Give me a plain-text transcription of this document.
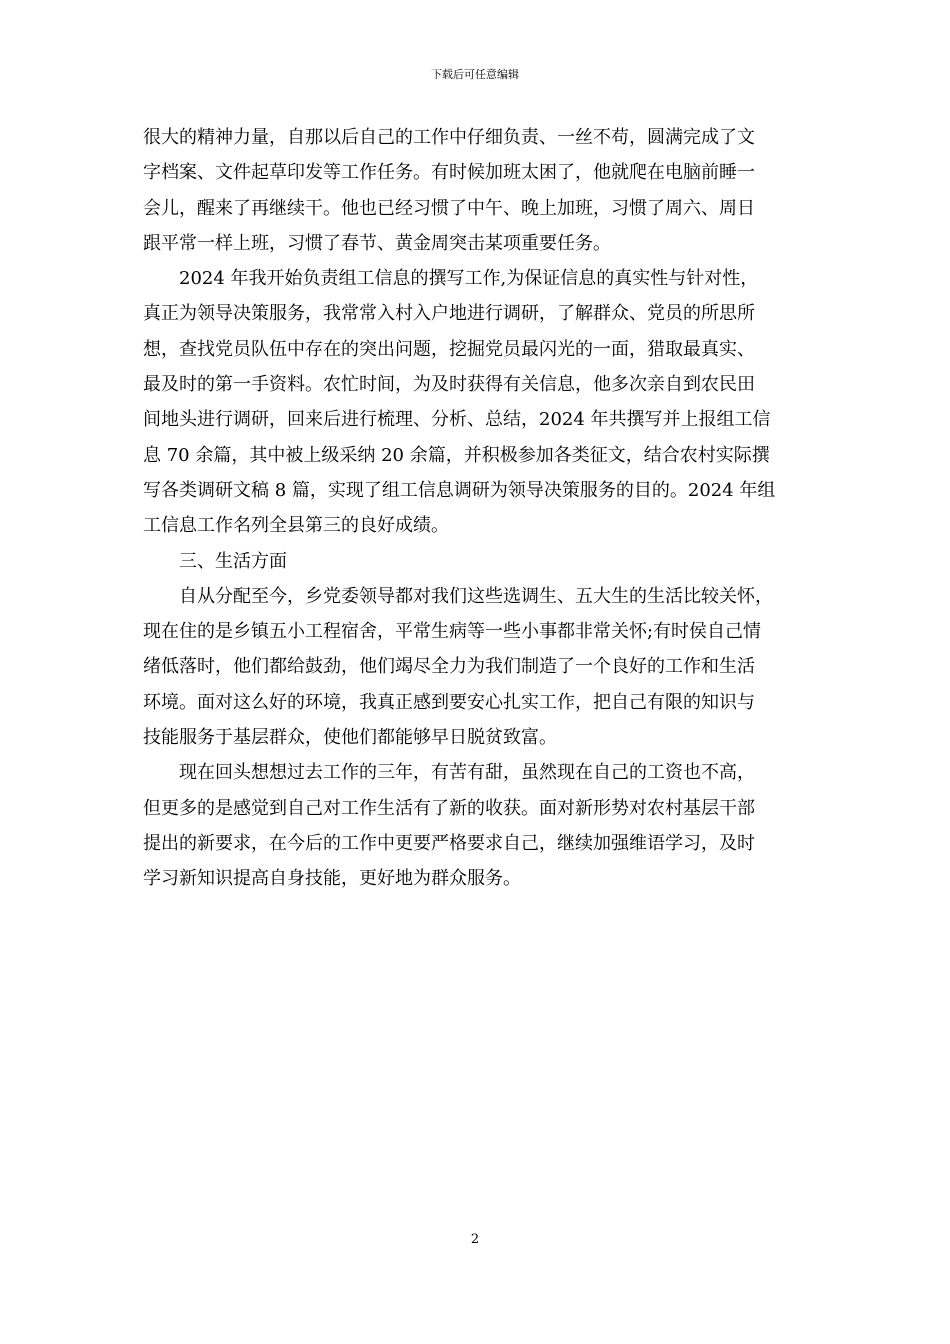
下载后可任意编辑

很大的精神力量，自那以后自己的工作中仔细负责、一丝不苟，圆满完成了文
字档案、文件起草印发等工作任务。有时候加班太困了，他就爬在电脑前睡一
会儿，醒来了再继续干。他也已经习惯了中午、晚上加班，习惯了周六、周日
跟平常一样上班，习惯了春节、黄金周突击某项重要任务。

2024 年我开始负责组工信息的撰写工作,为保证信息的真实性与针对性，
真正为领导决策服务，我常常入村入户地进行调研，了解群众、党员的所思所
想，查找党员队伍中存在的突出问题，挖掘党员最闪光的一面，猎取最真实、
最及时的第一手资料。农忙时间，为及时获得有关信息，他多次亲自到农民田
间地头进行调研，回来后进行梳理、分析、总结，2024 年共撰写并上报组工信
息 70 余篇，其中被上级采纳 20 余篇，并积极参加各类征文，结合农村实际撰
写各类调研文稿 8 篇，实现了组工信息调研为领导决策服务的目的。2024 年组
工信息工作名列全县第三的良好成绩。

三、生活方面

自从分配至今，乡党委领导都对我们这些选调生、五大生的生活比较关怀，
现在住的是乡镇五小工程宿舍，平常生病等一些小事都非常关怀;有时侯自己情
绪低落时，他们都给鼓劲，他们竭尽全力为我们制造了一个良好的工作和生活
环境。面对这么好的环境，我真正感到要安心扎实工作，把自己有限的知识与
技能服务于基层群众，使他们都能够早日脱贫致富。

现在回头想想过去工作的三年，有苦有甜，虽然现在自己的工资也不高，
但更多的是感觉到自己对工作生活有了新的收获。面对新形势对农村基层干部
提出的新要求，在今后的工作中更要严格要求自己，继续加强维语学习，及时
学习新知识提高自身技能，更好地为群众服务。

2
